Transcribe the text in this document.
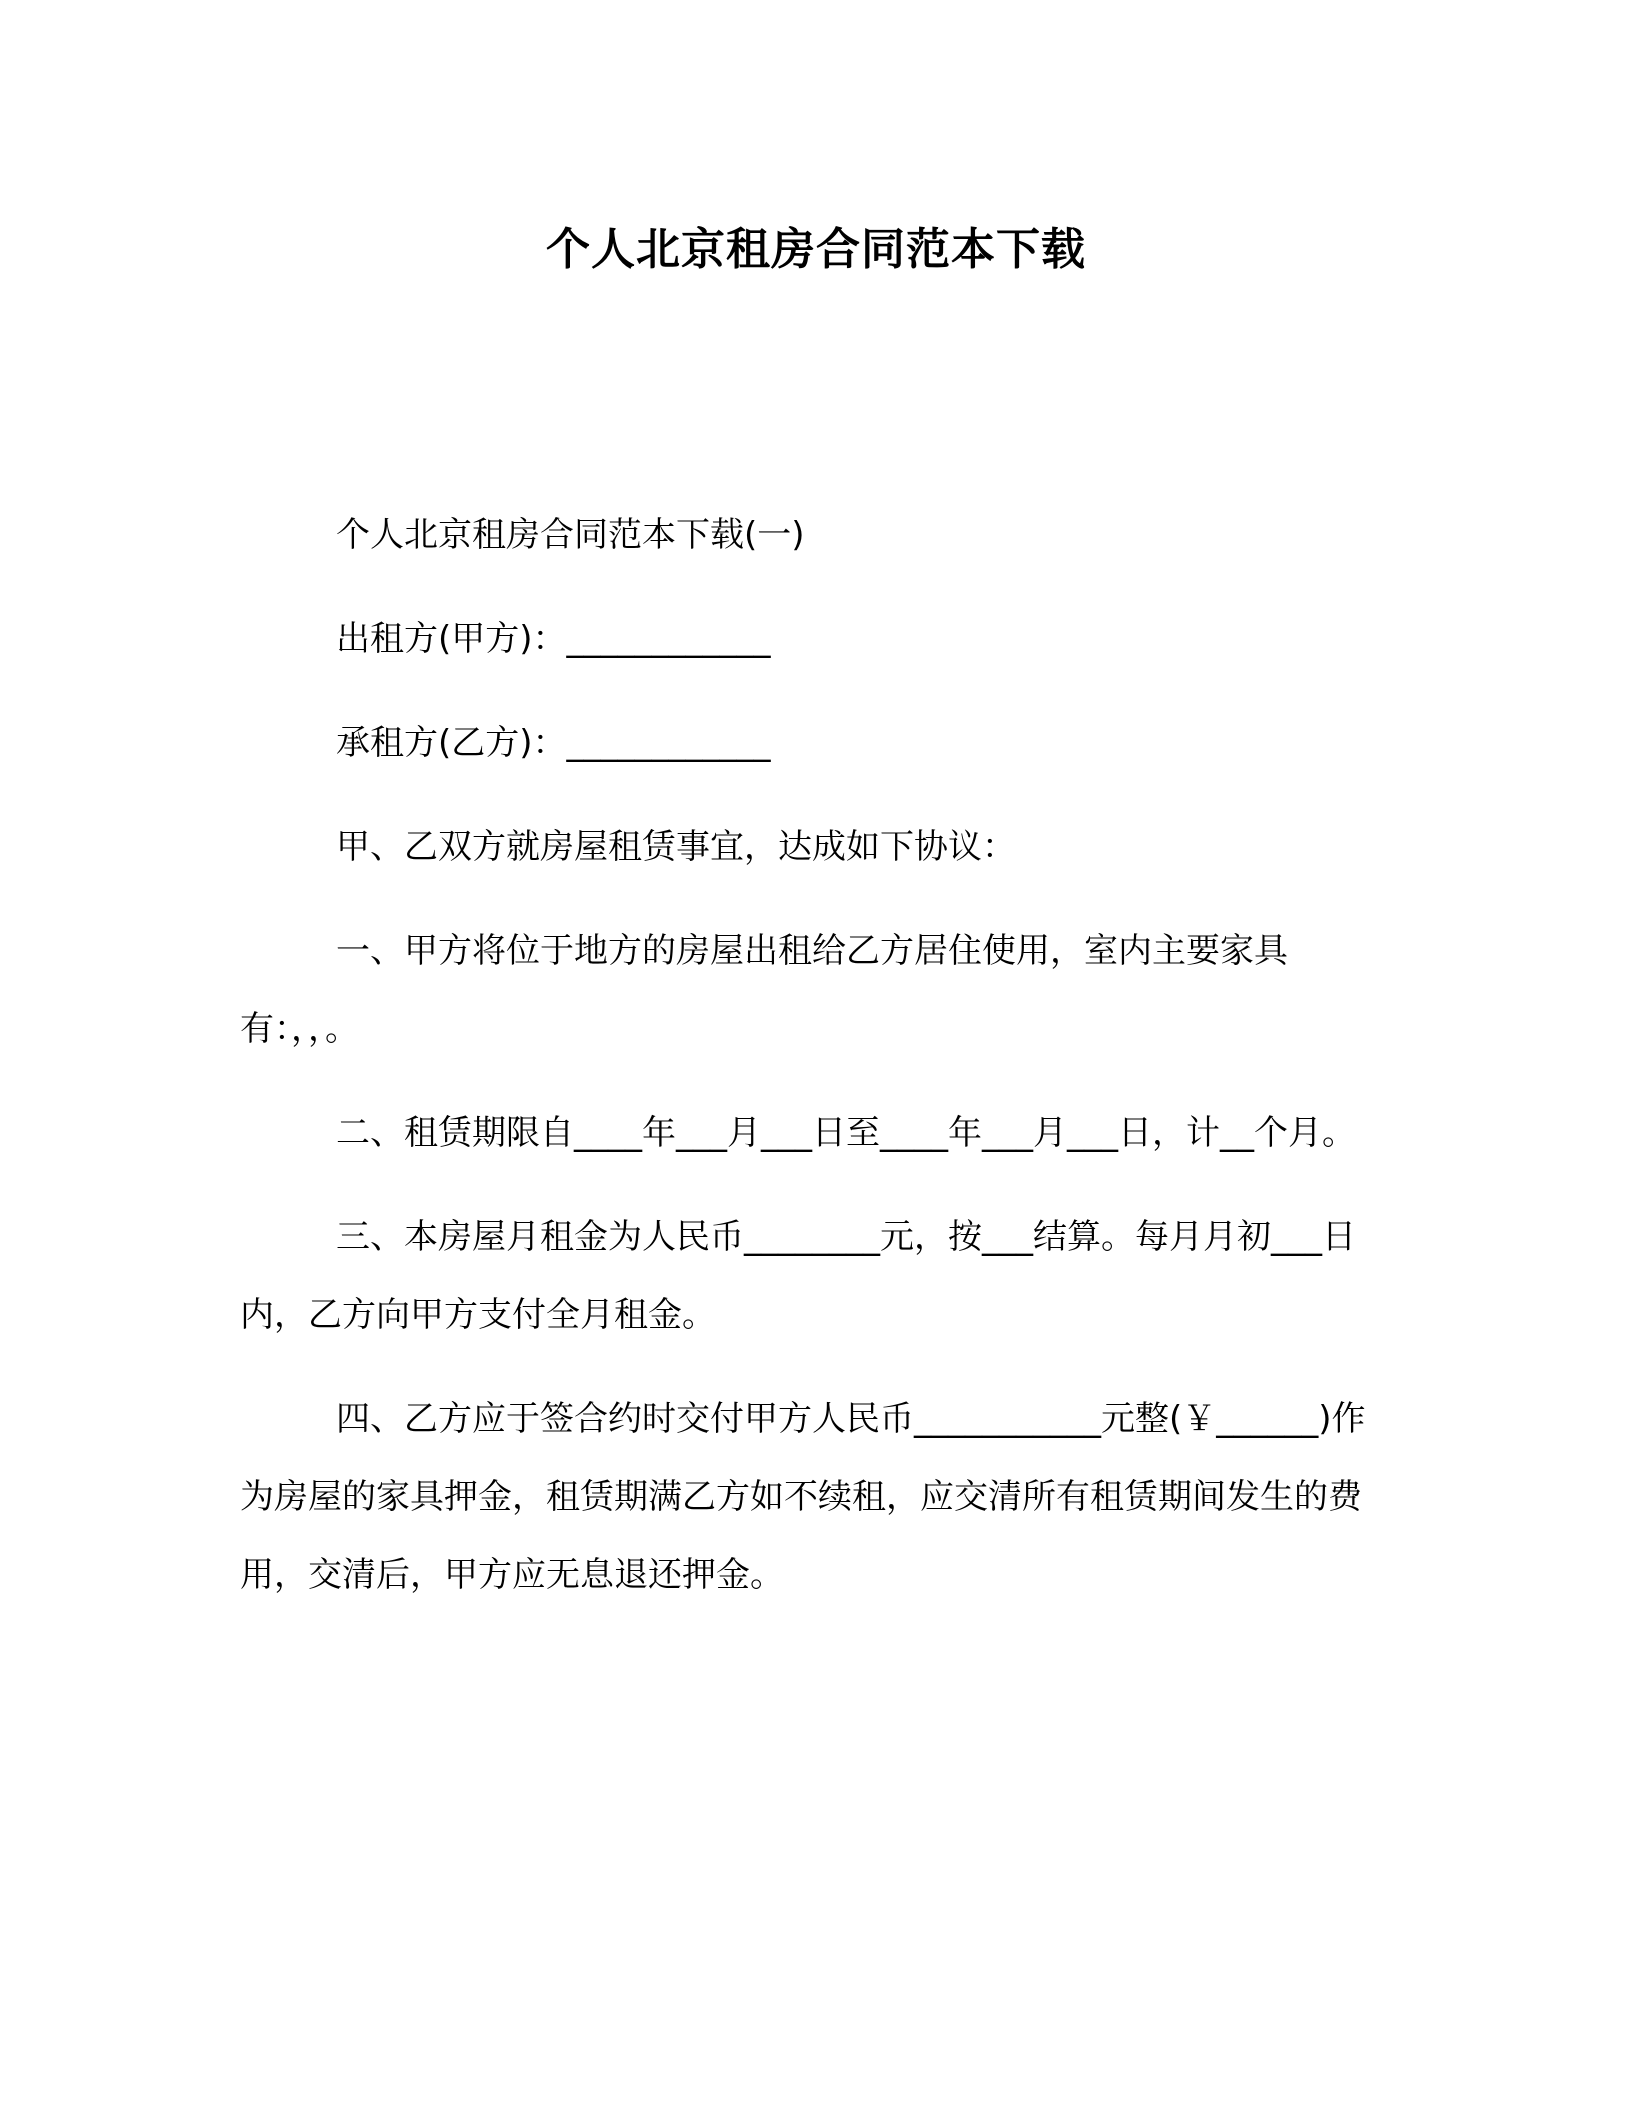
个人北京租房合同范本下载

个人北京租房合同范本下载(一)

出租方(甲方)：____________

承租方(乙方)：____________

甲、乙双方就房屋租赁事宜，达成如下协议：

一、甲方将位于地方的房屋出租给乙方居住使用，室内主要家具有：，，。

二、租赁期限自____年___月___日至____年___月___日，计__个月。

三、本房屋月租金为人民币________元，按___结算。每月月初___日内，乙方向甲方支付全月租金。

四、乙方应于签合约时交付甲方人民币___________元整(￥______)作为房屋的家具押金，租赁期满乙方如不续租，应交清所有租赁期间发生的费用，交清后，甲方应无息退还押金。
